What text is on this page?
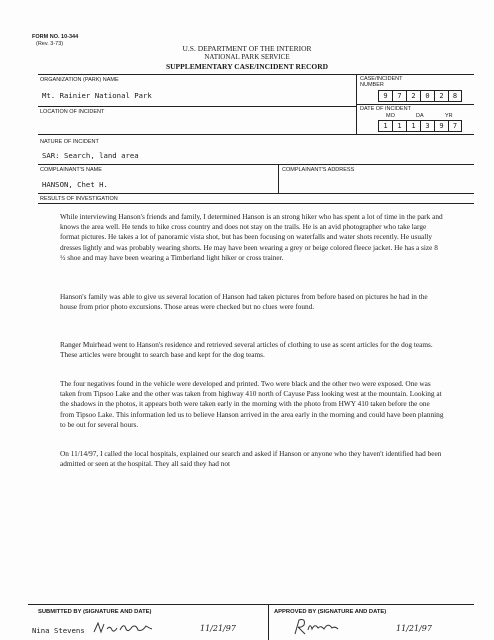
FORM NO. 10-344
(Rev. 3-73)	U.S. DEPARTMENT OF THE INTERIOR
NATIONAL PARK SERVICE
SUPPLEMENTARY CASE/INCIDENT RECORD
ORGANIZATION (PARK) NAME
Mt. Rainier National Park
CASE/INCIDENT
NUMBER
9	7	2	0	2	8
LOCATION OF INCIDENT	DATE OF INCIDENT
MO	DA	YR
1	1	1	3	9	7
NATURE OF INCIDENT
SAR: Search, land area
COMPLAINANT'S NAME
HANSON, Chet H.
COMPLAINANT'S ADDRESS
RESULTS OF INVESTIGATION
While interviewing Hanson's friends and family, I determined Hanson is an strong hiker who has spent a lot of time in the park and knows the area well. He tends to hike cross country and does not stay on the trails. He is an avid photographer who take large format pictures. He takes a lot of panoramic vista shot, but has been focusing on waterfalls and water shots recently. He usually dresses lightly and was probably wearing shorts. He may have been wearing a grey or beige colored fleece jacket. He has a size 8 ½ shoe and may have been wearing a Timberland light hiker or cross trainer.
Hanson's family was able to give us several location of Hanson had taken pictures from before based on pictures he had in the house from prior photo excursions. Those areas were checked but no clues were found.
Ranger Muirhead went to Hanson's residence and retrieved several articles of clothing to use as scent articles for the dog teams. These articles were brought to search base and kept for the dog teams.
The four negatives found in the vehicle were developed and printed. Two were black and the other two were exposed. One was taken from Tipsoo Lake and the other was taken from highway 410 north of Cayuse Pass looking west at the mountain. Looking at the shadows in the photos, it appears both were taken early in the morning with the photo from HWY 410 taken before the one from Tipsoo Lake. This information led us to believe Hanson arrived in the area early in the morning and could have been planning to be out for several hours.
On 11/14/97, I called the local hospitals, explained our search and asked if Hanson or anyone who they haven't identified had been admitted or seen at the hospital. They all said they had not
SUBMITTED BY (SIGNATURE AND DATE)
Nina Stevens	11/21/97
APPROVED BY (SIGNATURE AND DATE)
11/21/97
